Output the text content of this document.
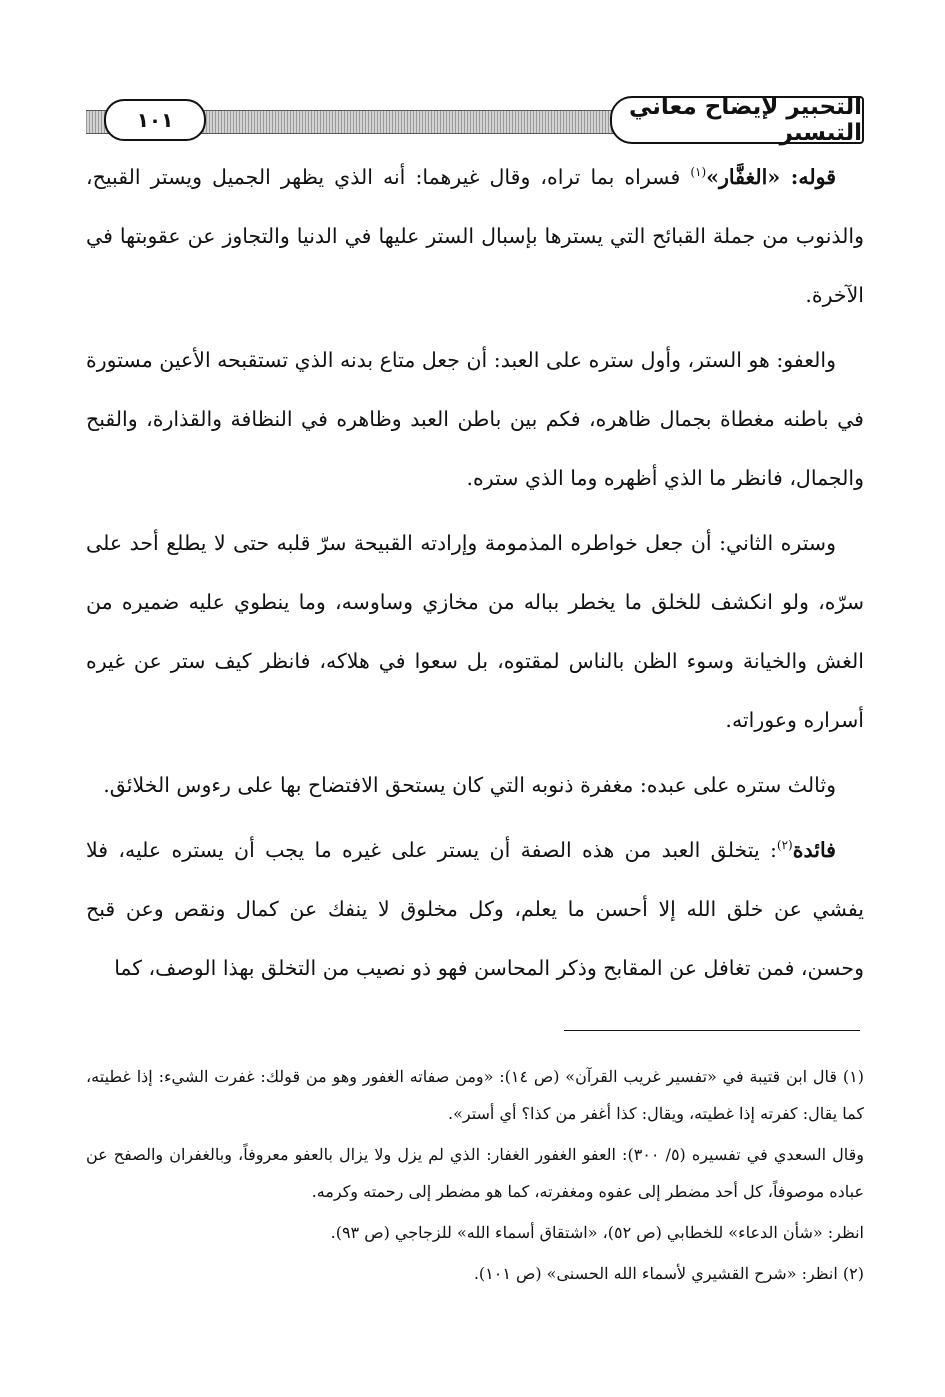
١٠١	التحبير لإيضاح معاني التيسير

قوله: «الغفَّار»$^{(١)}$ فسراه بما تراه، وقال غيرهما: أنه الذي يظهر الجميل ويستر القبيح، والذنوب من جملة القبائح التي يسترها بإسبال الستر عليها في الدنيا والتجاوز عن عقوبتها في الآخرة.

والعفو: هو الستر، وأول ستره على العبد: أن جعل متاع بدنه الذي تستقبحه الأعين مستورة في باطنه مغطاة بجمال ظاهره، فكم بين باطن العبد وظاهره في النظافة والقذارة، والقبح والجمال، فانظر ما الذي أظهره وما الذي ستره.

وستره الثاني: أن جعل خواطره المذمومة وإرادته القبيحة سرّ قلبه حتى لا يطلع أحد على سرّه، ولو انكشف للخلق ما يخطر بباله من مخازي وساوسه، وما ينطوي عليه ضميره من الغش والخيانة وسوء الظن بالناس لمقتوه، بل سعوا في هلاكه، فانظر كيف ستر عن غيره أسراره وعوراته.

وثالث ستره على عبده: مغفرة ذنوبه التي كان يستحق الافتضاح بها على رءوس الخلائق.

فائدة$^{(٢)}$: يتخلق العبد من هذه الصفة أن يستر على غيره ما يجب أن يستره عليه، فلا يفشي عن خلق الله إلا أحسن ما يعلم، وكل مخلوق لا ينفك عن كمال ونقص وعن قبح وحسن، فمن تغافل عن المقابح وذكر المحاسن فهو ذو نصيب من التخلق بهذا الوصف، كما

(١) قال ابن قتيبة في «تفسير غريب القرآن» (ص ١٤): «ومن صفاته الغفور وهو من قولك: غفرت الشيء: إذا غطيته، كما يقال: كفرته إذا غطيته، ويقال: كذا أغفر من كذا؟ أي أستر».

وقال السعدي في تفسيره (٥/ ٣٠٠): العفو الغفور الغفار: الذي لم يزل ولا يزال بالعفو معروفاً، وبالغفران والصفح عن عباده موصوفاً، كل أحد مضطر إلى عفوه ومغفرته، كما هو مضطر إلى رحمته وكرمه.

انظر: «شأن الدعاء» للخطابي (ص ٥٢)، «اشتقاق أسماء الله» للزجاجي (ص ٩٣).

(٢) انظر: «شرح القشيري لأسماء الله الحسنى» (ص ١٠١).
